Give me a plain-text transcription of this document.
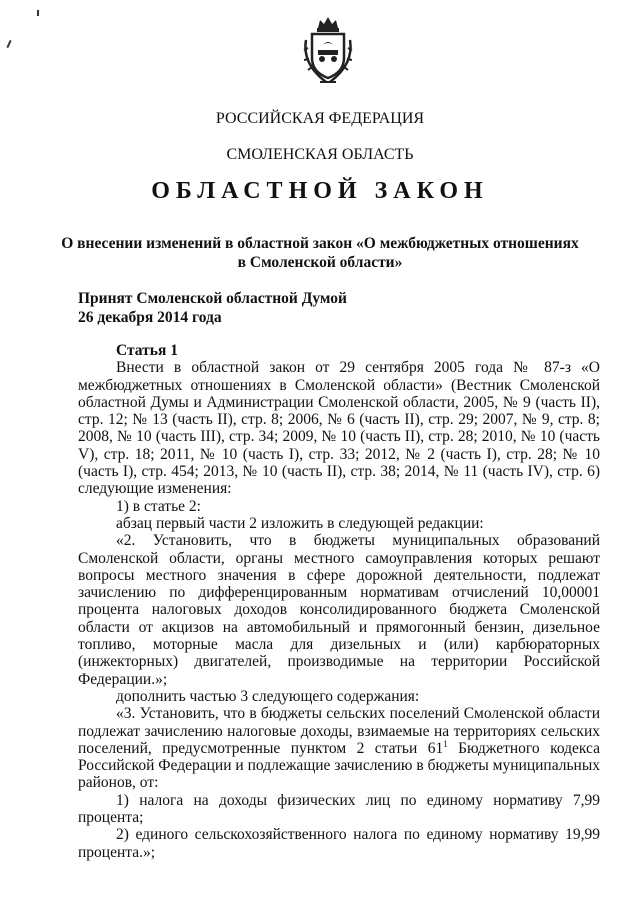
РОССИЙСКАЯ ФЕДЕРАЦИЯ
СМОЛЕНСКАЯ ОБЛАСТЬ
ОБЛАСТНОЙ ЗАКОН
О внесении изменений в областной закон «О межбюджетных отношениях
в Смоленской области»
Принят Смоленской областной Думой
26 декабря 2014 года

Статья 1

Внести в областной закон от 29 сентября 2005 года № 87-з «О межбюджетных отношениях в Смоленской области» (Вестник Смоленской областной Думы и Администрации Смоленской области, 2005, № 9 (часть II), стр. 12; № 13 (часть II), стр. 8; 2006, № 6 (часть II), стр. 29; 2007, № 9, стр. 8; 2008, № 10 (часть III), стр. 34; 2009, № 10 (часть II), стр. 28; 2010, № 10 (часть V), стр. 18; 2011, № 10 (часть I), стр. 33; 2012, № 2 (часть I), стр. 28; № 10 (часть I), стр. 454; 2013, № 10 (часть II), стр. 38; 2014, № 11 (часть IV), стр. 6) следующие изменения:

1) в статье 2:

абзац первый части 2 изложить в следующей редакции:

«2. Установить, что в бюджеты муниципальных образований Смоленской области, органы местного самоуправления которых решают вопросы местного значения в сфере дорожной деятельности, подлежат зачислению по дифференцированным нормативам отчислений 10,00001 процента налоговых доходов консолидированного бюджета Смоленской области от акцизов на автомобильный и прямогонный бензин, дизельное топливо, моторные масла для дизельных и (или) карбюраторных (инжекторных) двигателей, производимые на территории Российской Федерации.»;

дополнить частью 3 следующего содержания:

«3. Установить, что в бюджеты сельских поселений Смоленской области подлежат зачислению налоговые доходы, взимаемые на территориях сельских поселений, предусмотренные пунктом 2 статьи $61^1$ Бюджетного кодекса Российской Федерации и подлежащие зачислению в бюджеты муниципальных районов, от:

1) налога на доходы физических лиц по единому нормативу 7,99 процента;

2) единого сельскохозяйственного налога по единому нормативу 19,99 процента.»;
